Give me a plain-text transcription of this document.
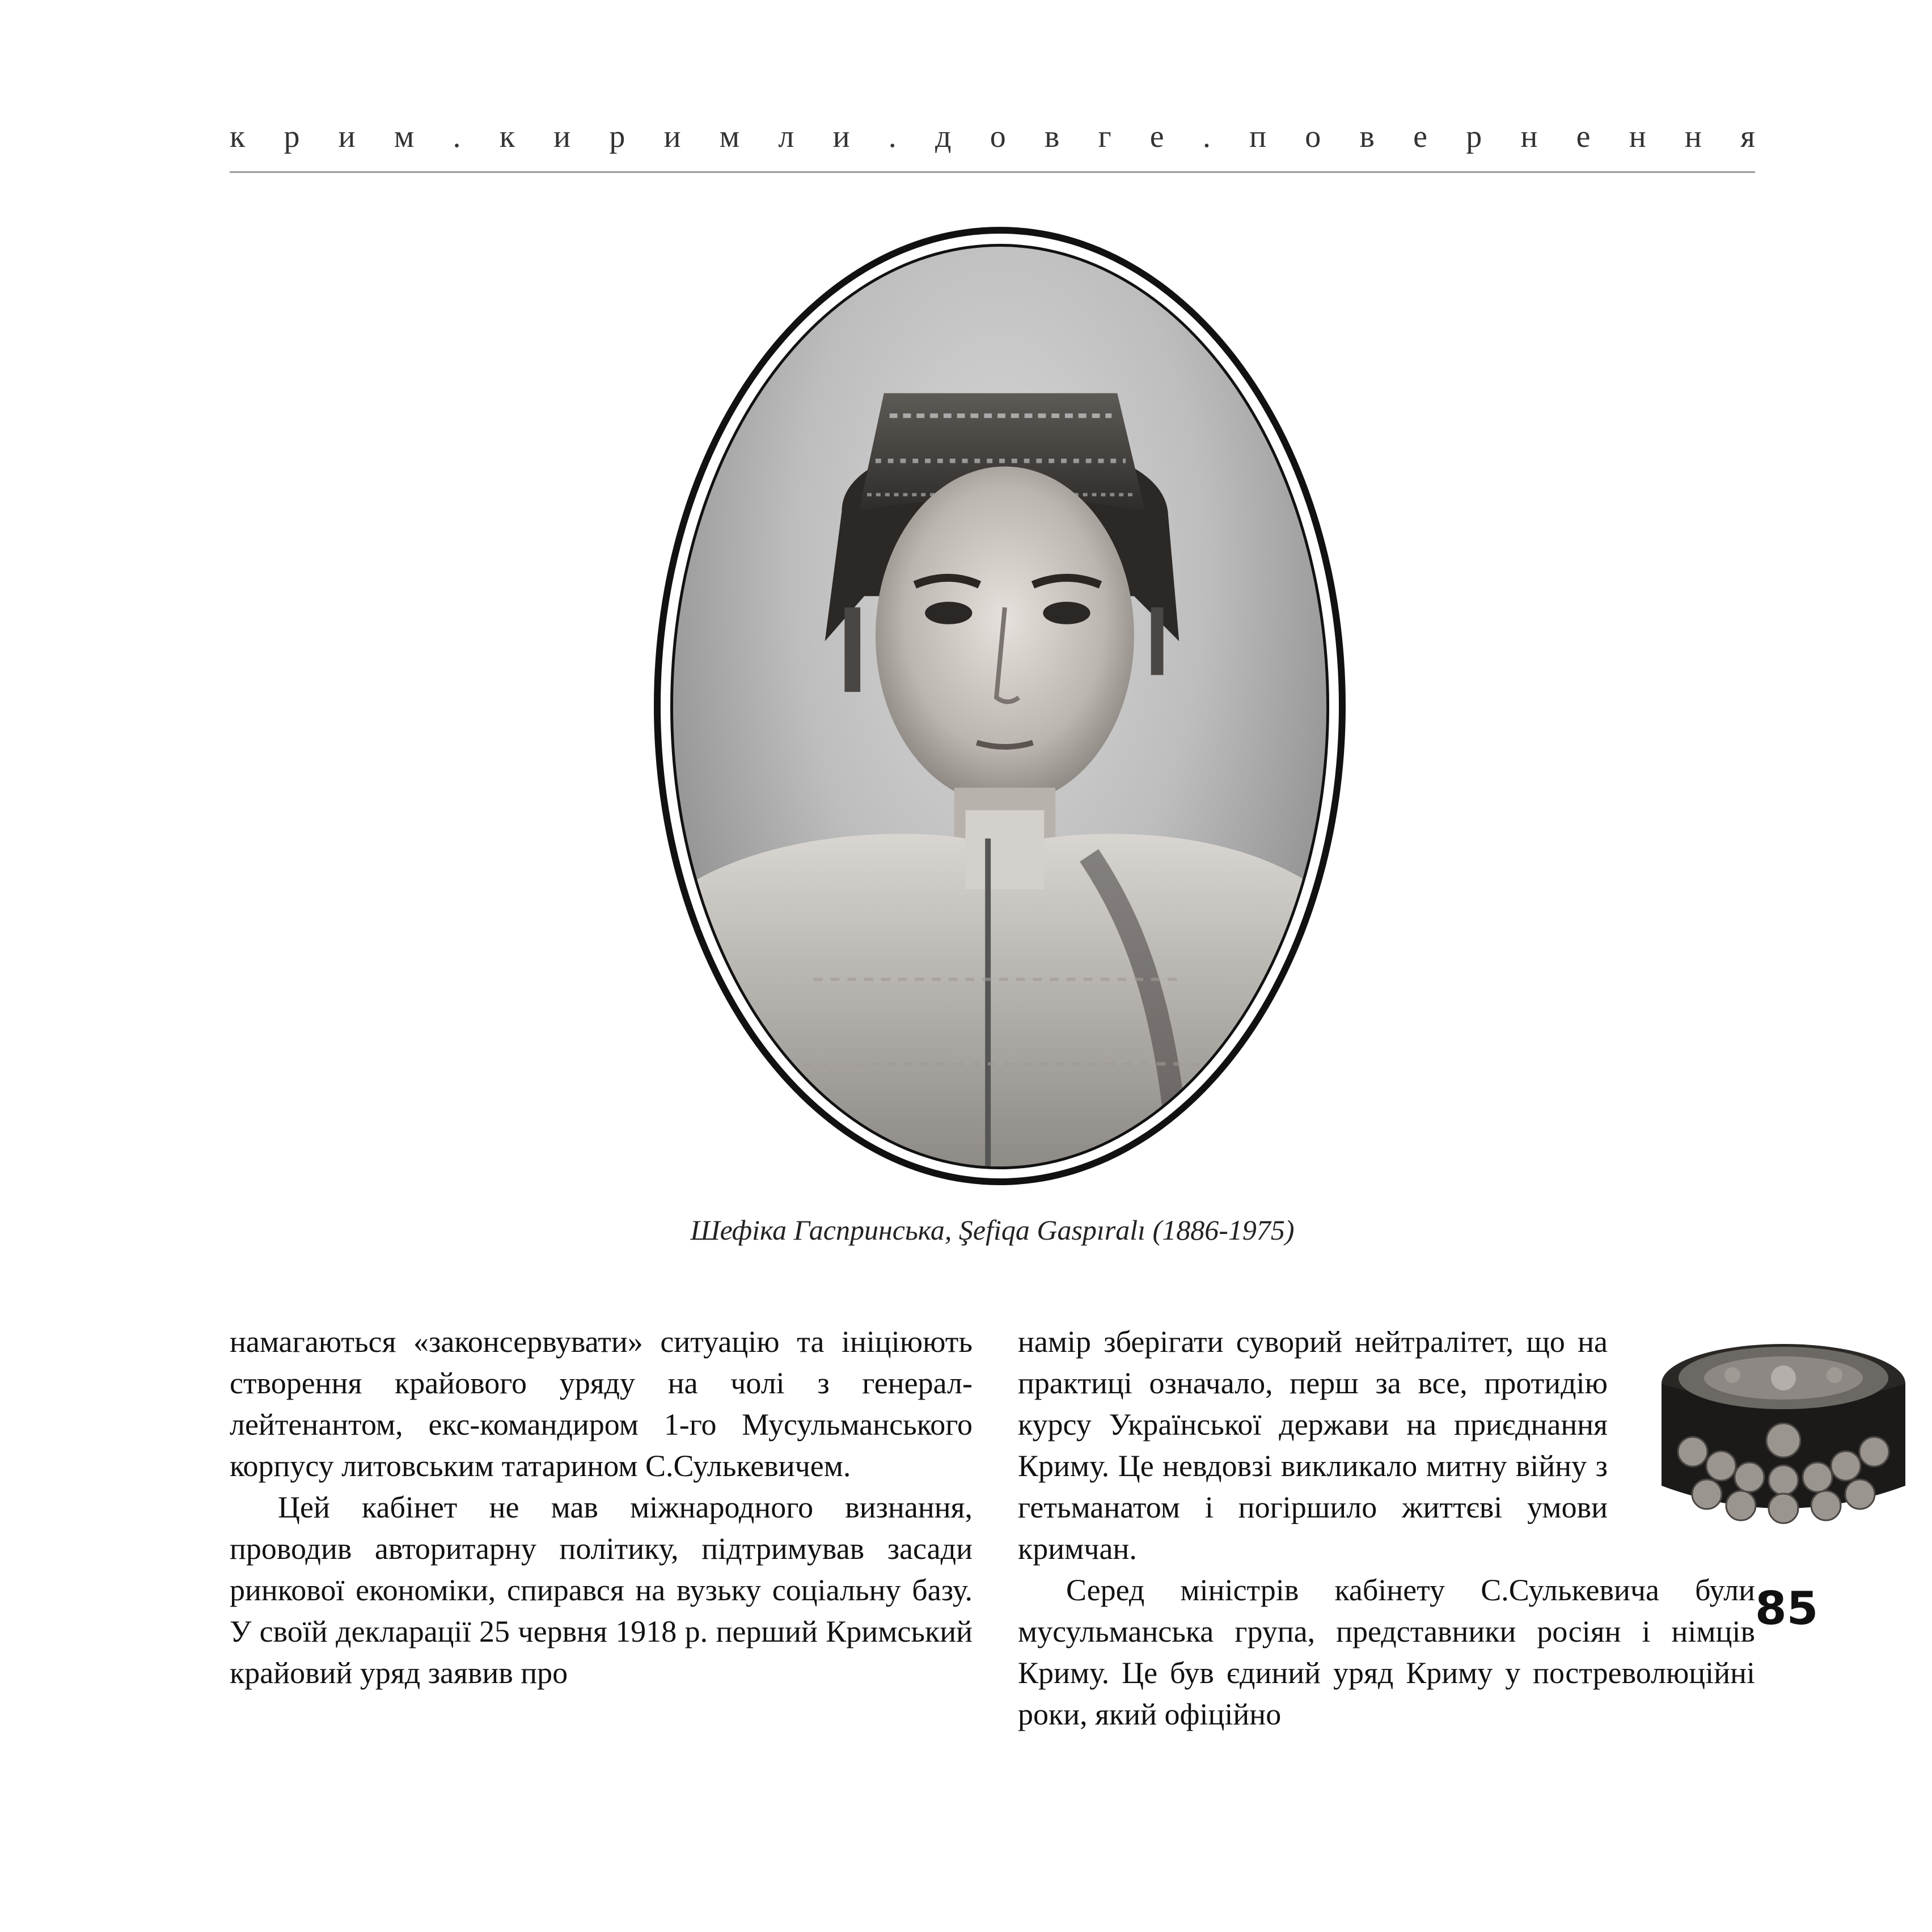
к р и м . к и р и м л и . д о в г е . п о в е р н е н н я
Шефіка Гаспринська, Şefiqa Gaspıralı (1886-1975)

намагаються «законсервувати» ситуацію та ініціюють створення крайового уряду на чолі з генерал-лейтенантом, екс-командиром 1-го Мусульманського корпусу литовським татарином С.Сулькевичем.

Цей кабінет не мав міжнародного визнання, проводив авторитарну політику, підтримував засади ринкової економіки, спирався на вузьку соціальну базу. У своїй декларації 25 червня 1918 р. перший Кримський крайовий уряд заявив про

намір зберігати суворий нейтралітет, що на практиці означало, перш за все, протидію курсу Української держави на приєднання Криму. Це невдовзі викликало митну війну з гетьманатом і погіршило життєві умови кримчан.

Серед міністрів кабінету С.Сулькевича були мусульманська група, представники росіян і німців Криму. Це був єдиний уряд Криму у постреволюційні роки, який офіційно

85
